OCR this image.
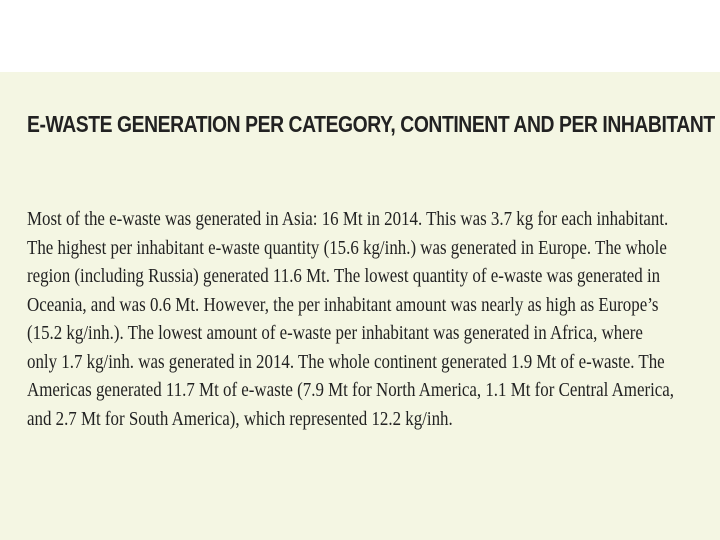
E-WASTE GENERATION PER CATEGORY, CONTINENT AND PER INHABITANT

Most of the e-waste was generated in Asia: 16 Mt in 2014. This was 3.7 kg for each inhabitant.
The highest per inhabitant e-waste quantity (15.6 kg/inh.) was generated in Europe. The whole
region (including Russia) generated 11.6 Mt. The lowest quantity of e-waste was generated in
Oceania, and was 0.6 Mt. However, the per inhabitant amount was nearly as high as Europe’s
(15.2 kg/inh.). The lowest amount of e-waste per inhabitant was generated in Africa, where
only 1.7 kg/inh. was generated in 2014. The whole continent generated 1.9 Mt of e-waste. The
Americas generated 11.7 Mt of e-waste (7.9 Mt for North America, 1.1 Mt for Central America,
and 2.7 Mt for South America), which represented 12.2 kg/inh.
